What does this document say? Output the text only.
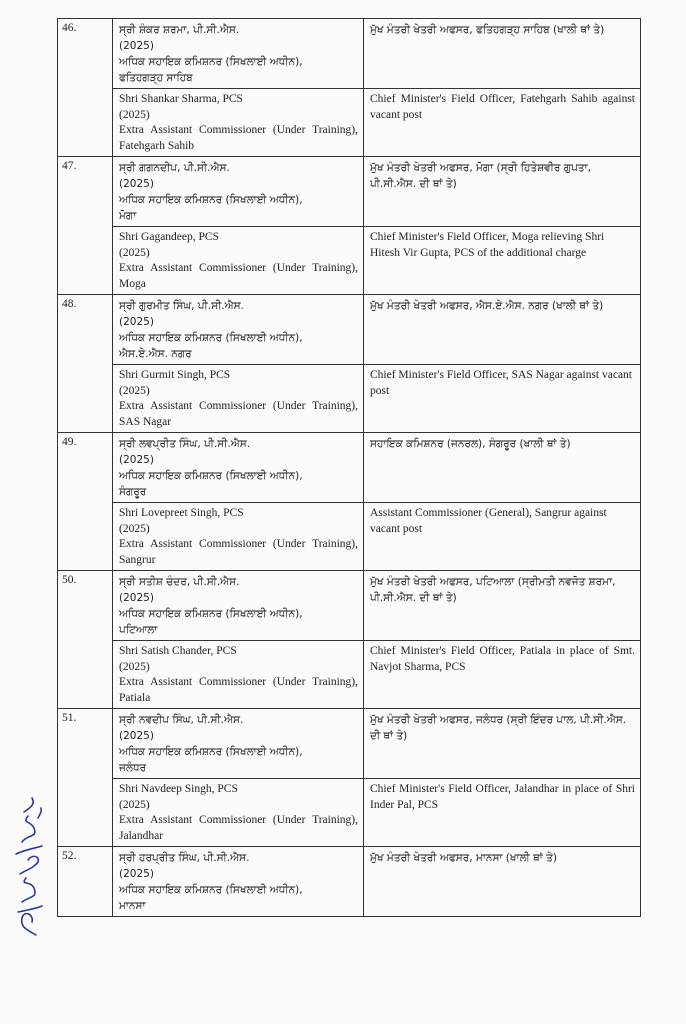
46.	ਸ੍ਰੀ ਸ਼ੰਕਰ ਸ਼ਰਮਾ, ਪੀ.ਸੀ.ਐਸ.
(2025)
ਅਧਿਕ ਸਹਾਇਕ ਕਮਿਸ਼ਨਰ (ਸਿਖਲਾਈ ਅਧੀਨ),
ਫਤਿਹਗੜ੍ਹ ਸਾਹਿਬ	ਮੁੱਖ ਮੰਤਰੀ ਖੇਤਰੀ ਅਫਸਰ, ਫਤਿਹਗੜ੍ਹ ਸਾਹਿਬ (ਖਾਲੀ ਥਾਂ ਤੇ)

	Shri Shankar Sharma, PCS
(2025)
Extra Assistant Commissioner (Under Training), Fatehgarh Sahib	Chief Minister's Field Officer, Fatehgarh Sahib against vacant post
47.	ਸ੍ਰੀ ਗਗਨਦੀਪ, ਪੀ.ਸੀ.ਐਸ.
(2025)
ਅਧਿਕ ਸਹਾਇਕ ਕਮਿਸ਼ਨਰ (ਸਿਖਲਾਈ ਅਧੀਨ),
ਮੋਗਾ	ਮੁੱਖ ਮੰਤਰੀ ਖੇਤਰੀ ਅਫਸਰ, ਮੋਗਾ (ਸ੍ਰੀ ਹਿਤੇਸ਼ਵੀਰ ਗੁਪਤਾ, ਪੀ.ਸੀ.ਐਸ. ਦੀ ਥਾਂ ਤੇ)

	Shri Gagandeep, PCS
(2025)
Extra Assistant Commissioner (Under Training), Moga	Chief Minister's Field Officer, Moga relieving Shri Hitesh Vir Gupta, PCS of the additional charge
48.	ਸ੍ਰੀ ਗੁਰਮੀਤ ਸਿੰਘ, ਪੀ.ਸੀ.ਐਸ.
(2025)
ਅਧਿਕ ਸਹਾਇਕ ਕਮਿਸ਼ਨਰ (ਸਿਖਲਾਈ ਅਧੀਨ),
ਐਸ.ਏ.ਐਸ. ਨਗਰ	ਮੁੱਖ ਮੰਤਰੀ ਖੇਤਰੀ ਅਫਸਰ, ਐਸ.ਏ.ਐਸ. ਨਗਰ (ਖਾਲੀ ਥਾਂ ਤੇ)

	Shri Gurmit Singh, PCS
(2025)
Extra Assistant Commissioner (Under Training), SAS Nagar	Chief Minister's Field Officer, SAS Nagar against vacant post
49.	ਸ੍ਰੀ ਲਵਪ੍ਰੀਤ ਸਿੰਘ, ਪੀ.ਸੀ.ਐਸ.
(2025)
ਅਧਿਕ ਸਹਾਇਕ ਕਮਿਸ਼ਨਰ (ਸਿਖਲਾਈ ਅਧੀਨ),
ਸੰਗਰੂਰ	ਸਹਾਇਕ ਕਮਿਸ਼ਨਰ (ਜਨਰਲ), ਸੰਗਰੂਰ (ਖਾਲੀ ਥਾਂ ਤੇ)

	Shri Lovepreet Singh, PCS
(2025)
Extra Assistant Commissioner (Under Training), Sangrur	Assistant Commissioner (General), Sangrur against vacant post
50.	ਸ੍ਰੀ ਸਤੀਸ਼ ਚੰਦਰ, ਪੀ.ਸੀ.ਐਸ.
(2025)
ਅਧਿਕ ਸਹਾਇਕ ਕਮਿਸ਼ਨਰ (ਸਿਖਲਾਈ ਅਧੀਨ),
ਪਟਿਆਲਾ	ਮੁੱਖ ਮੰਤਰੀ ਖੇਤਰੀ ਅਫਸਰ, ਪਟਿਆਲਾ (ਸ੍ਰੀਮਤੀ ਨਵਜੋਤ ਸ਼ਰਮਾ, ਪੀ.ਸੀ.ਐਸ. ਦੀ ਥਾਂ ਤੇ)

	Shri Satish Chander, PCS
(2025)
Extra Assistant Commissioner (Under Training), Patiala	Chief Minister's Field Officer, Patiala in place of Smt. Navjot Sharma, PCS
51.	ਸ੍ਰੀ ਨਵਦੀਪ ਸਿੰਘ, ਪੀ.ਸੀ.ਐਸ.
(2025)
ਅਧਿਕ ਸਹਾਇਕ ਕਮਿਸ਼ਨਰ (ਸਿਖਲਾਈ ਅਧੀਨ),
ਜਲੰਧਰ	ਮੁੱਖ ਮੰਤਰੀ ਖੇਤਰੀ ਅਫਸਰ, ਜਲੰਧਰ (ਸ੍ਰੀ ਇੰਦਰ ਪਾਲ, ਪੀ.ਸੀ.ਐਸ. ਦੀ ਥਾਂ ਤੇ)

	Shri Navdeep Singh, PCS
(2025)
Extra Assistant Commissioner (Under Training), Jalandhar	Chief Minister's Field Officer, Jalandhar in place of Shri Inder Pal, PCS
52.	ਸ੍ਰੀ ਹਰਪ੍ਰੀਤ ਸਿੰਘ, ਪੀ.ਸੀ.ਐਸ.
(2025)
ਅਧਿਕ ਸਹਾਇਕ ਕਮਿਸ਼ਨਰ (ਸਿਖਲਾਈ ਅਧੀਨ),
ਮਾਨਸਾ	ਮੁੱਖ ਮੰਤਰੀ ਖੇਤਰੀ ਅਫਸਰ, ਮਾਨਸਾ (ਖਾਲੀ ਥਾਂ ਤੇ)
